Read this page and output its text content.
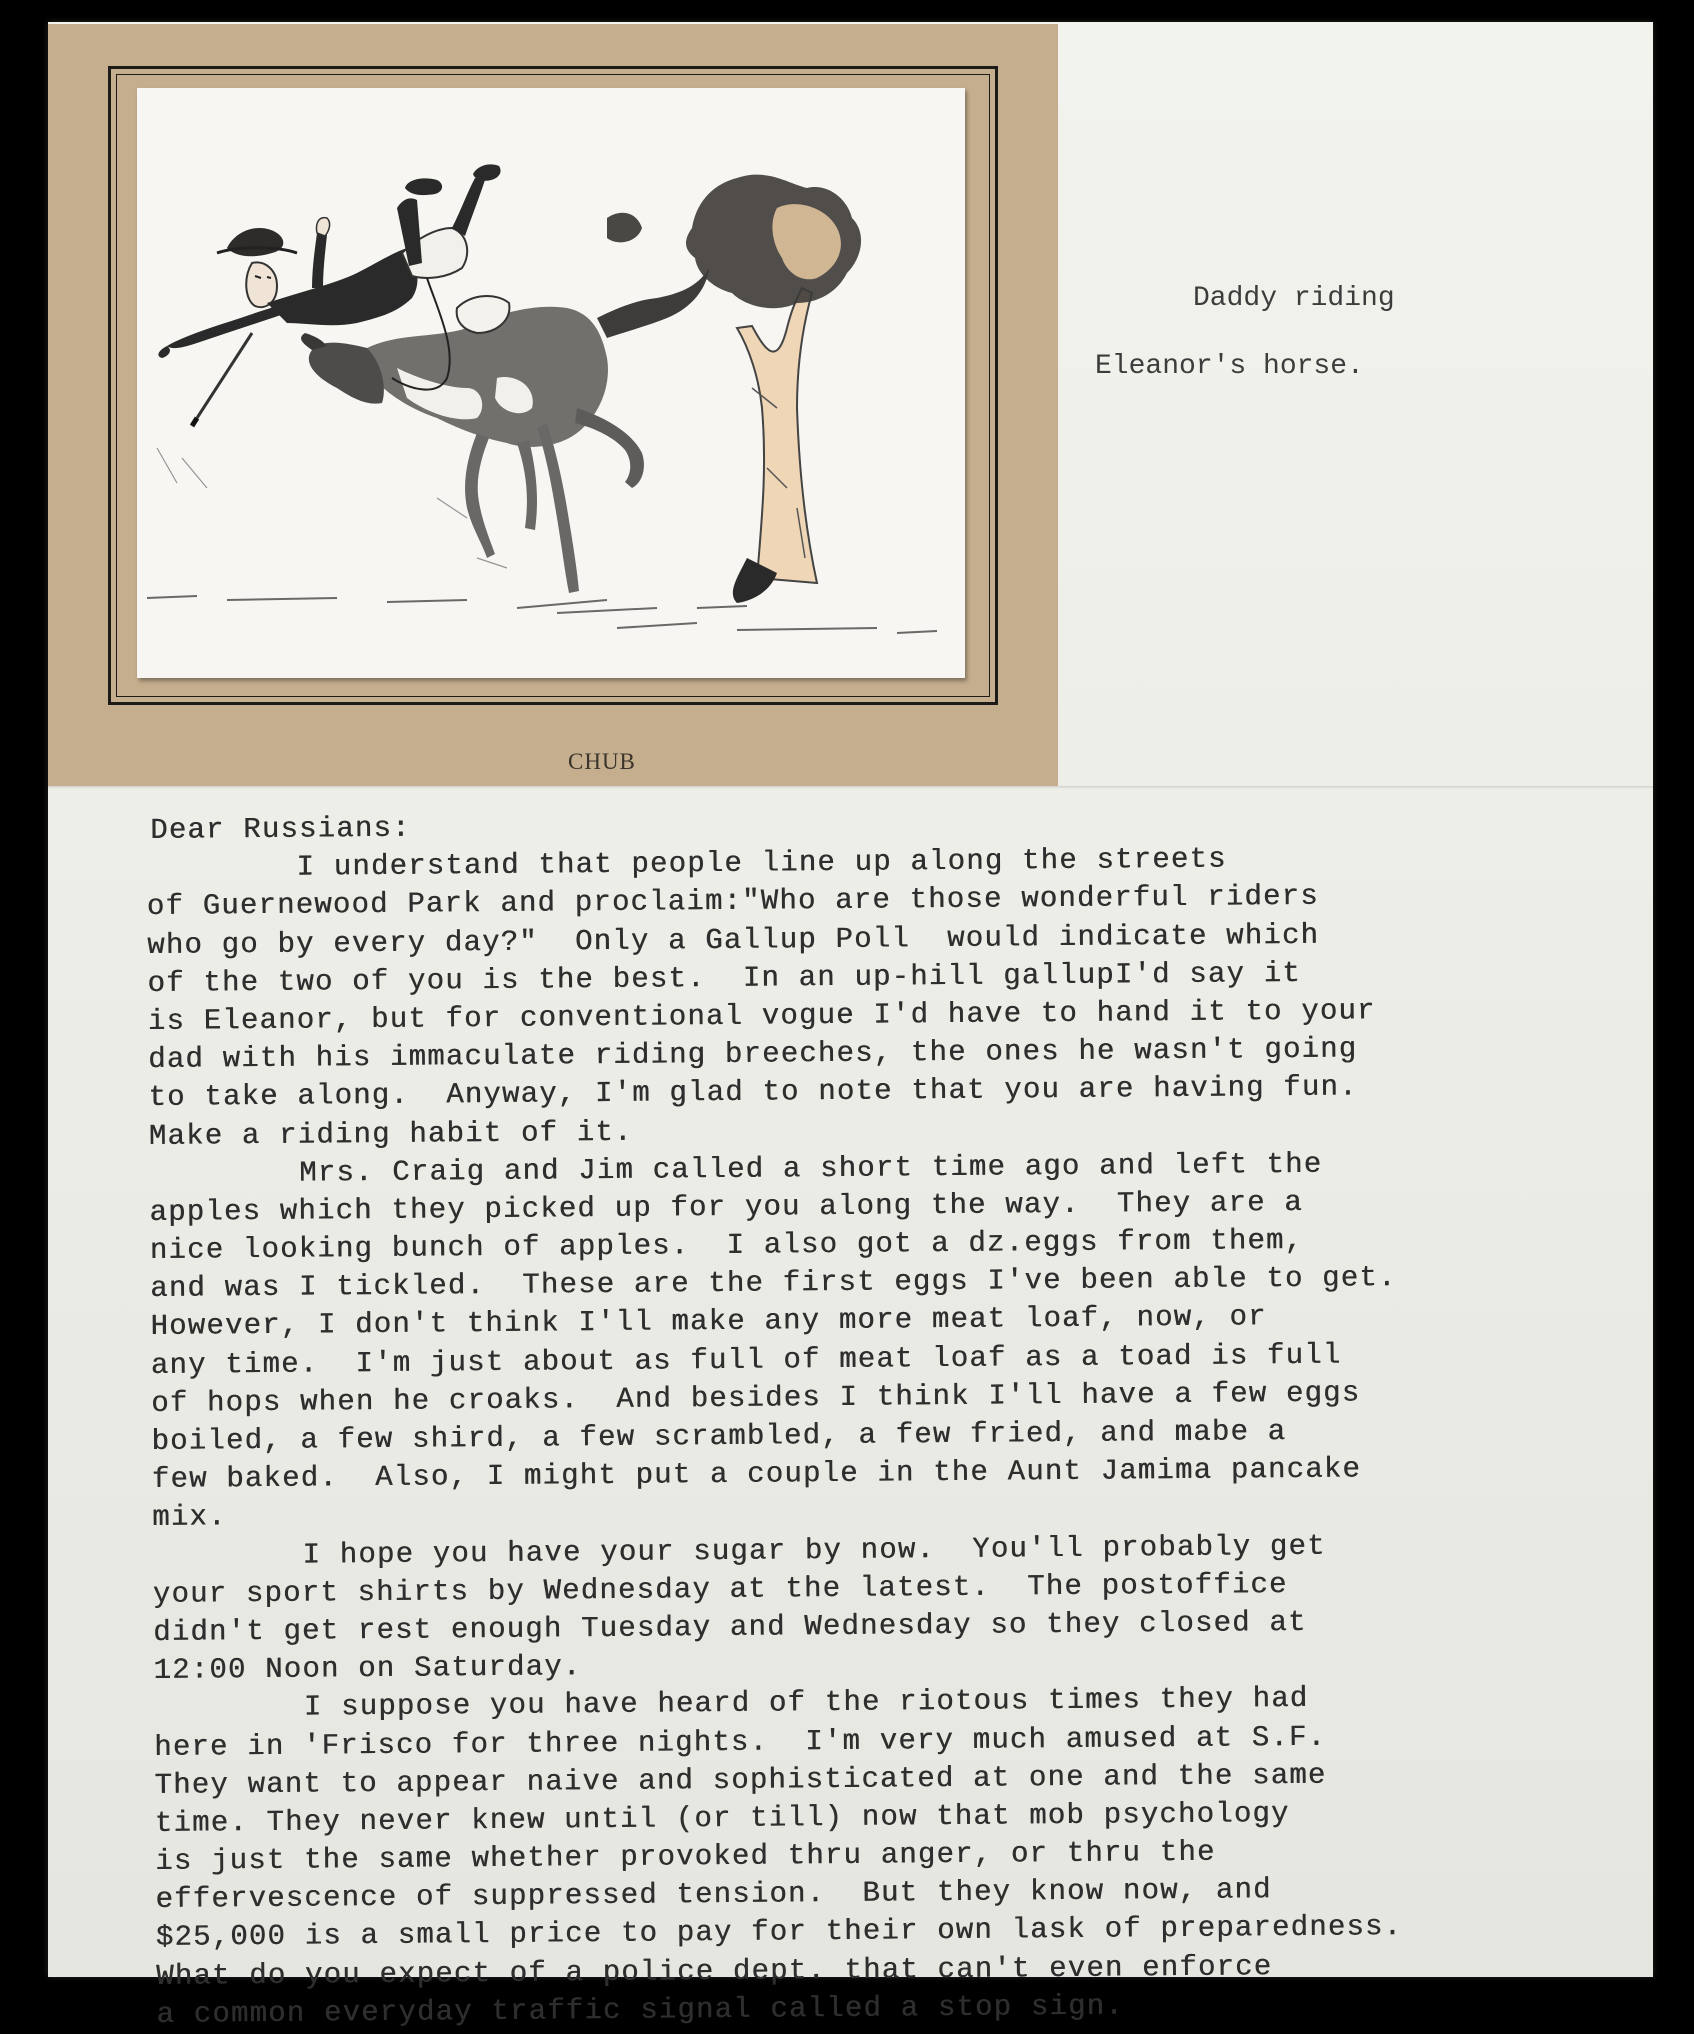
CHUB
Daddy riding
Eleanor's horse.
Dear Russians:
I understand that people line up along the streets
of Guernewood Park and proclaim:"Who are those wonderful riders
who go by every day?"  Only a Gallup Poll  would indicate which
of the two of you is the best.  In an up-hill gallupI'd say it
is Eleanor, but for conventional vogue I'd have to hand it to your
dad with his immaculate riding breeches, the ones he wasn't going
to take along.  Anyway, I'm glad to note that you are having fun.
Make a riding habit of it.
Mrs. Craig and Jim called a short time ago and left the
apples which they picked up for you along the way.  They are a
nice looking bunch of apples.  I also got a dz.eggs from them,
and was I tickled.  These are the first eggs I've been able to get.
However, I don't think I'll make any more meat loaf, now, or
any time.  I'm just about as full of meat loaf as a toad is full
of hops when he croaks.  And besides I think I'll have a few eggs
boiled, a few shird, a few scrambled, a few fried, and mabe a
few baked.  Also, I might put a couple in the Aunt Jamima pancake
mix.
I hope you have your sugar by now.  You'll probably get
your sport shirts by Wednesday at the latest.  The postoffice
didn't get rest enough Tuesday and Wednesday so they closed at
12:00 Noon on Saturday.
I suppose you have heard of the riotous times they had
here in 'Frisco for three nights.  I'm very much amused at S.F.
They want to appear naive and sophisticated at one and the same
time. They never knew until (or till) now that mob psychology
is just the same whether provoked thru anger, or thru the
effervescence of suppressed tension.  But they know now, and
$25,000 is a small price to pay for their own lask of preparedness.
What do you expect of a police dept. that can't even enforce
a common everyday traffic signal called a stop sign.
